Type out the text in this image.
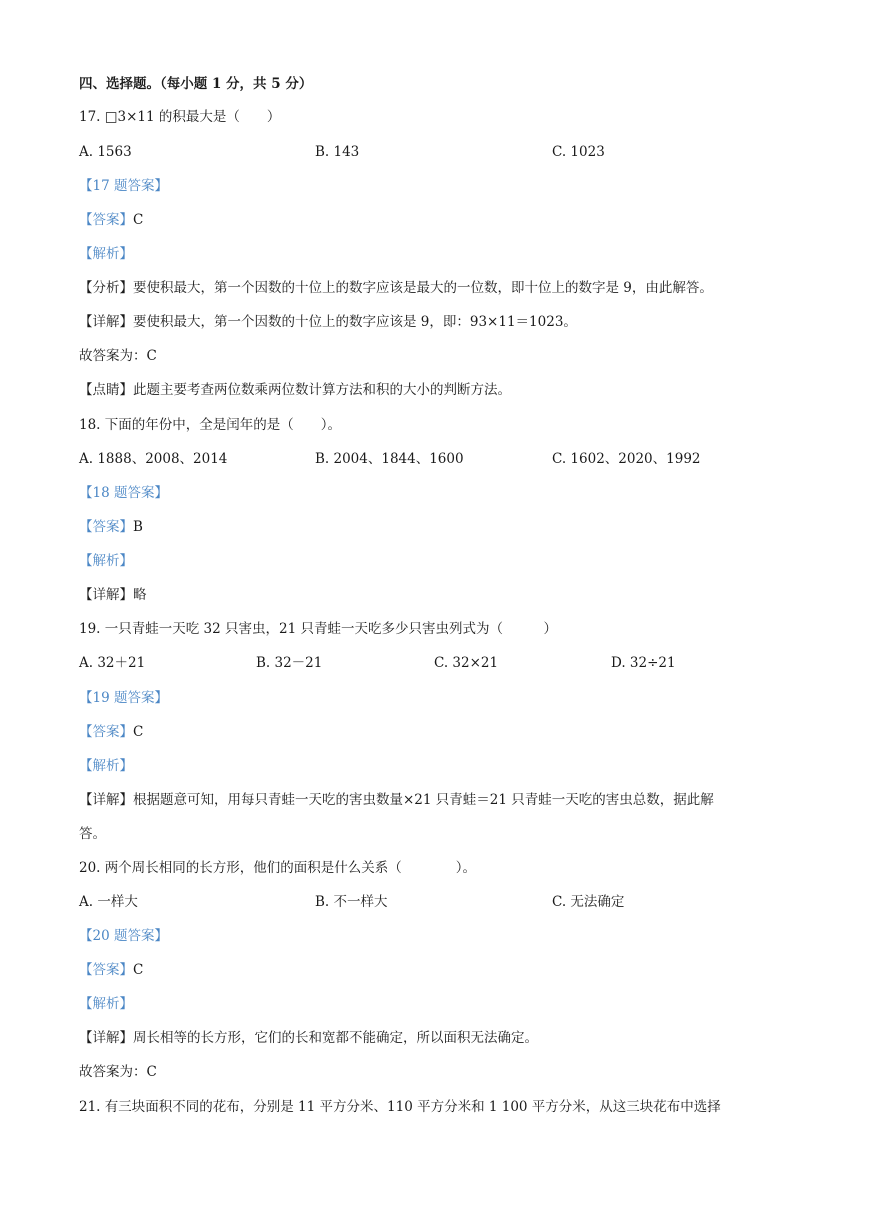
四、选择题。（每小题 1 分，共 5 分）
17. □3×11 的积最大是（　　）
A. 1563	B. 143	C. 1023
【17 题答案】
【答案】C
【解析】
【分析】要使积最大，第一个因数的十位上的数字应该是最大的一位数，即十位上的数字是 9，由此解答。
【详解】要使积最大，第一个因数的十位上的数字应该是 9，即：93×11＝1023。
故答案为：C
【点睛】此题主要考查两位数乘两位数计算方法和积的大小的判断方法。
18. 下面的年份中，全是闰年的是（　　）。
A. 1888、2008、2014	B. 2004、1844、1600	C. 1602、2020、1992
【18 题答案】
【答案】B
【解析】
【详解】略
19. 一只青蛙一天吃 32 只害虫，21 只青蛙一天吃多少只害虫列式为（　　　）
A. 32＋21	B. 32－21	C. 32×21	D. 32÷21
【19 题答案】
【答案】C
【解析】
【详解】根据题意可知，用每只青蛙一天吃的害虫数量×21 只青蛙＝21 只青蛙一天吃的害虫总数，据此解
答。
20. 两个周长相同的长方形，他们的面积是什么关系（　　　　）。
A. 一样大	B. 不一样大	C. 无法确定
【20 题答案】
【答案】C
【解析】
【详解】周长相等的长方形，它们的长和宽都不能确定，所以面积无法确定。
故答案为：C
21. 有三块面积不同的花布，分别是 11 平方分米、110 平方分米和 1 100 平方分米，从这三块花布中选择
